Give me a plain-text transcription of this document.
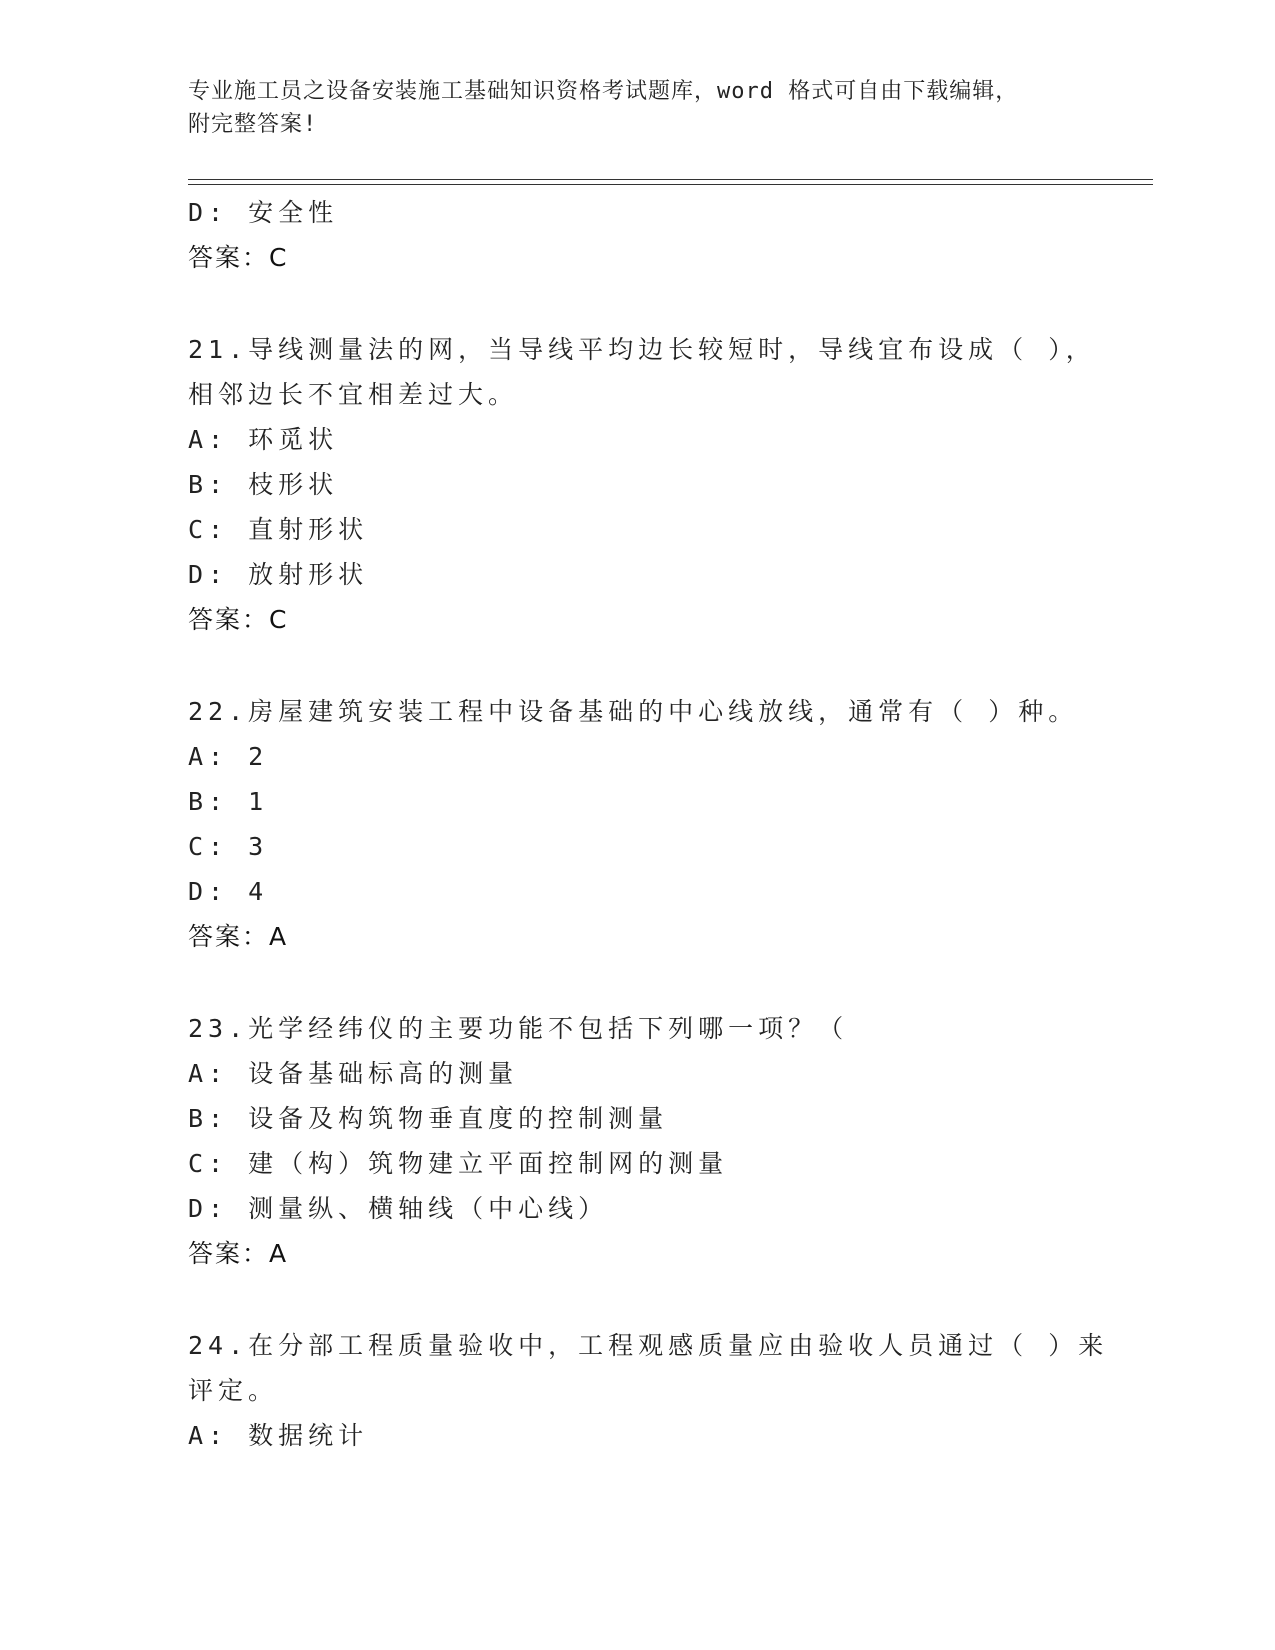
专业施工员之设备安装施工基础知识资格考试题库，word 格式可自由下载编辑，
附完整答案!
D: 安全性
答案：C
21.导线测量法的网，当导线平均边长较短时，导线宜布设成（ ），
相邻边长不宜相差过大。
A: 环觅状
B: 枝形状
C: 直射形状
D: 放射形状
答案：C
22.房屋建筑安装工程中设备基础的中心线放线，通常有（ ）种。
A: 2
B: 1
C: 3
D: 4
答案：A
23.光学经纬仪的主要功能不包括下列哪一项？（
A: 设备基础标高的测量
B: 设备及构筑物垂直度的控制测量
C: 建（构）筑物建立平面控制网的测量
D: 测量纵、横轴线（中心线）
答案：A
24.在分部工程质量验收中，工程观感质量应由验收人员通过（ ）来
评定。
A: 数据统计
